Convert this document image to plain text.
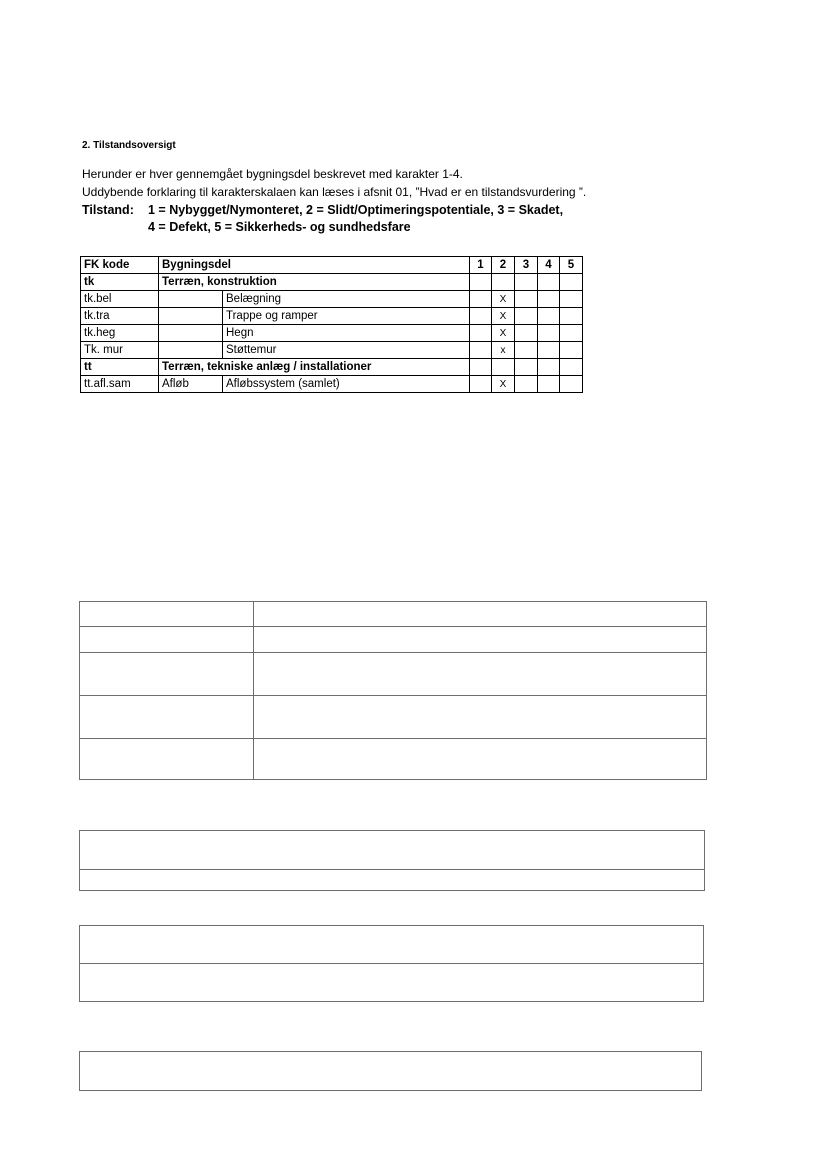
2. Tilstandsoversigt
Herunder er hver gennemgået bygningsdel beskrevet med karakter 1-4.
Uddybende forklaring til karakterskalaen kan læses i afsnit 01, ”Hvad er en tilstandsvurdering ”.
Tilstand: 1 = Nybygget/Nymonteret, 2 = Slidt/Optimeringspotentiale, 3 = Skadet,
4 = Defekt, 5 = Sikkerheds- og sundhedsfare
FK kode	Bygningsdel		1	2	3	4	5
tk	Terræn, konstruktion						
tk.bel		Belægning		X			
tk.tra		Trappe og ramper		X			
tk.heg		Hegn		X			
Tk. mur		Støttemur		x			
tt	Terræn, tekniske anlæg / installationer						
tt.afl.sam	Afløb	Afløbssystem (samlet)		X			
